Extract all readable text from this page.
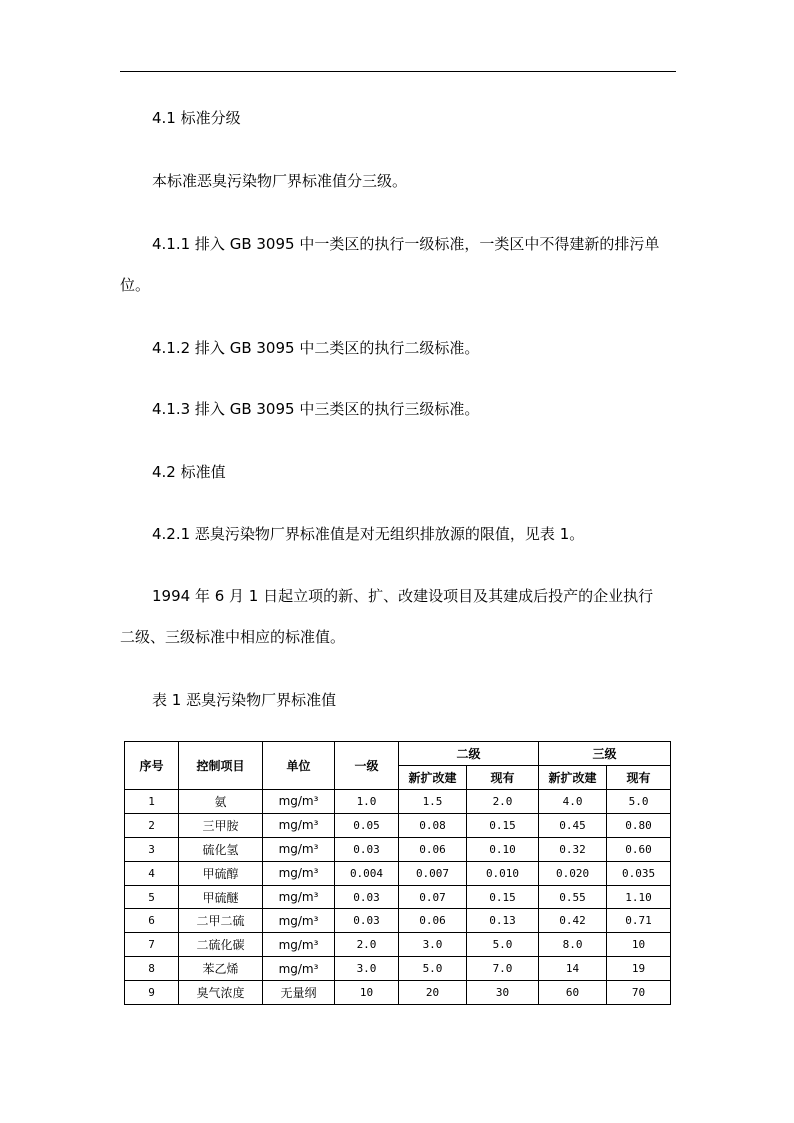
4.1 标准分级
本标准恶臭污染物厂界标准值分三级。
4.1.1 排入 GB 3095 中一类区的执行一级标准，一类区中不得建新的排污单
位。
4.1.2 排入 GB 3095 中二类区的执行二级标准。
4.1.3 排入 GB 3095 中三类区的执行三级标准。
4.2 标准值
4.2.1 恶臭污染物厂界标准值是对无组织排放源的限值，见表 1。
1994 年 6 月 1 日起立项的新、扩、改建设项目及其建成后投产的企业执行
二级、三级标准中相应的标准值。
表 1 恶臭污染物厂界标准值
序号	控制项目	单位	一级	二级		三级	
				新扩改建	现有	新扩改建	现有
1	氨	mg/m³	1.0	1.5	2.0	4.0	5.0
2	三甲胺	mg/m³	0.05	0.08	0.15	0.45	0.80
3	硫化氢	mg/m³	0.03	0.06	0.10	0.32	0.60
4	甲硫醇	mg/m³	0.004	0.007	0.010	0.020	0.035
5	甲硫醚	mg/m³	0.03	0.07	0.15	0.55	1.10
6	二甲二硫	mg/m³	0.03	0.06	0.13	0.42	0.71
7	二硫化碳	mg/m³	2.0	3.0	5.0	8.0	10
8	苯乙烯	mg/m³	3.0	5.0	7.0	14	19
9	臭气浓度	无量纲	10	20	30	60	70
